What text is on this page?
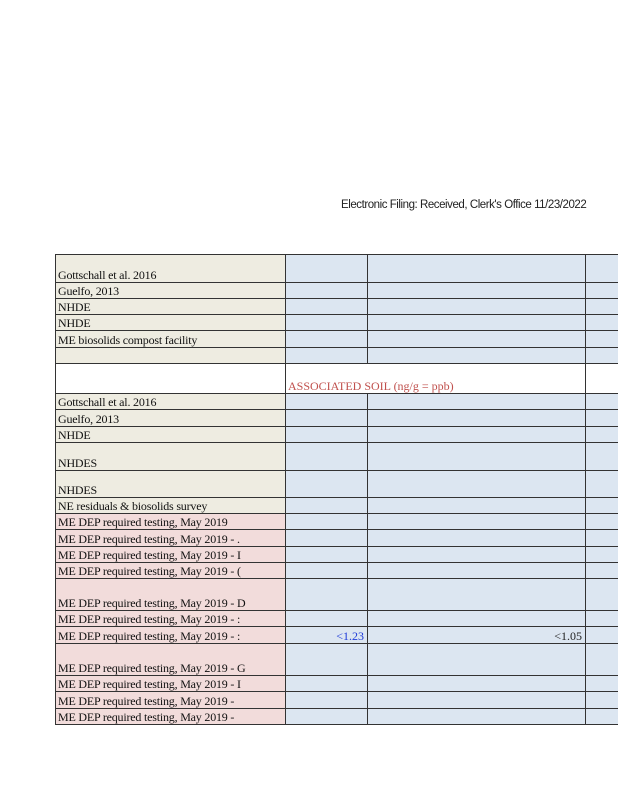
Electronic Filing: Received, Clerk's Office 11/23/2022
Gottschall et al. 2016
Guelfo, 2013
NHDE
NHDE
ME biosolids compost facility
ASSOCIATED SOIL (ng/g = ppb)
Gottschall et al. 2016
Guelfo, 2013
NHDE
NHDES
NHDES
NE residuals & biosolids survey
ME DEP required testing, May 2019
ME DEP required testing, May 2019 - .
ME DEP required testing, May 2019 - I
ME DEP required testing, May 2019 - (
ME DEP required testing, May 2019 - D
ME DEP required testing, May 2019 - :
ME DEP required testing, May 2019 - :	<1.23	<1.05
ME DEP required testing, May 2019 - G
ME DEP required testing, May 2019 - I
ME DEP required testing, May 2019 -
ME DEP required testing, May 2019 -
